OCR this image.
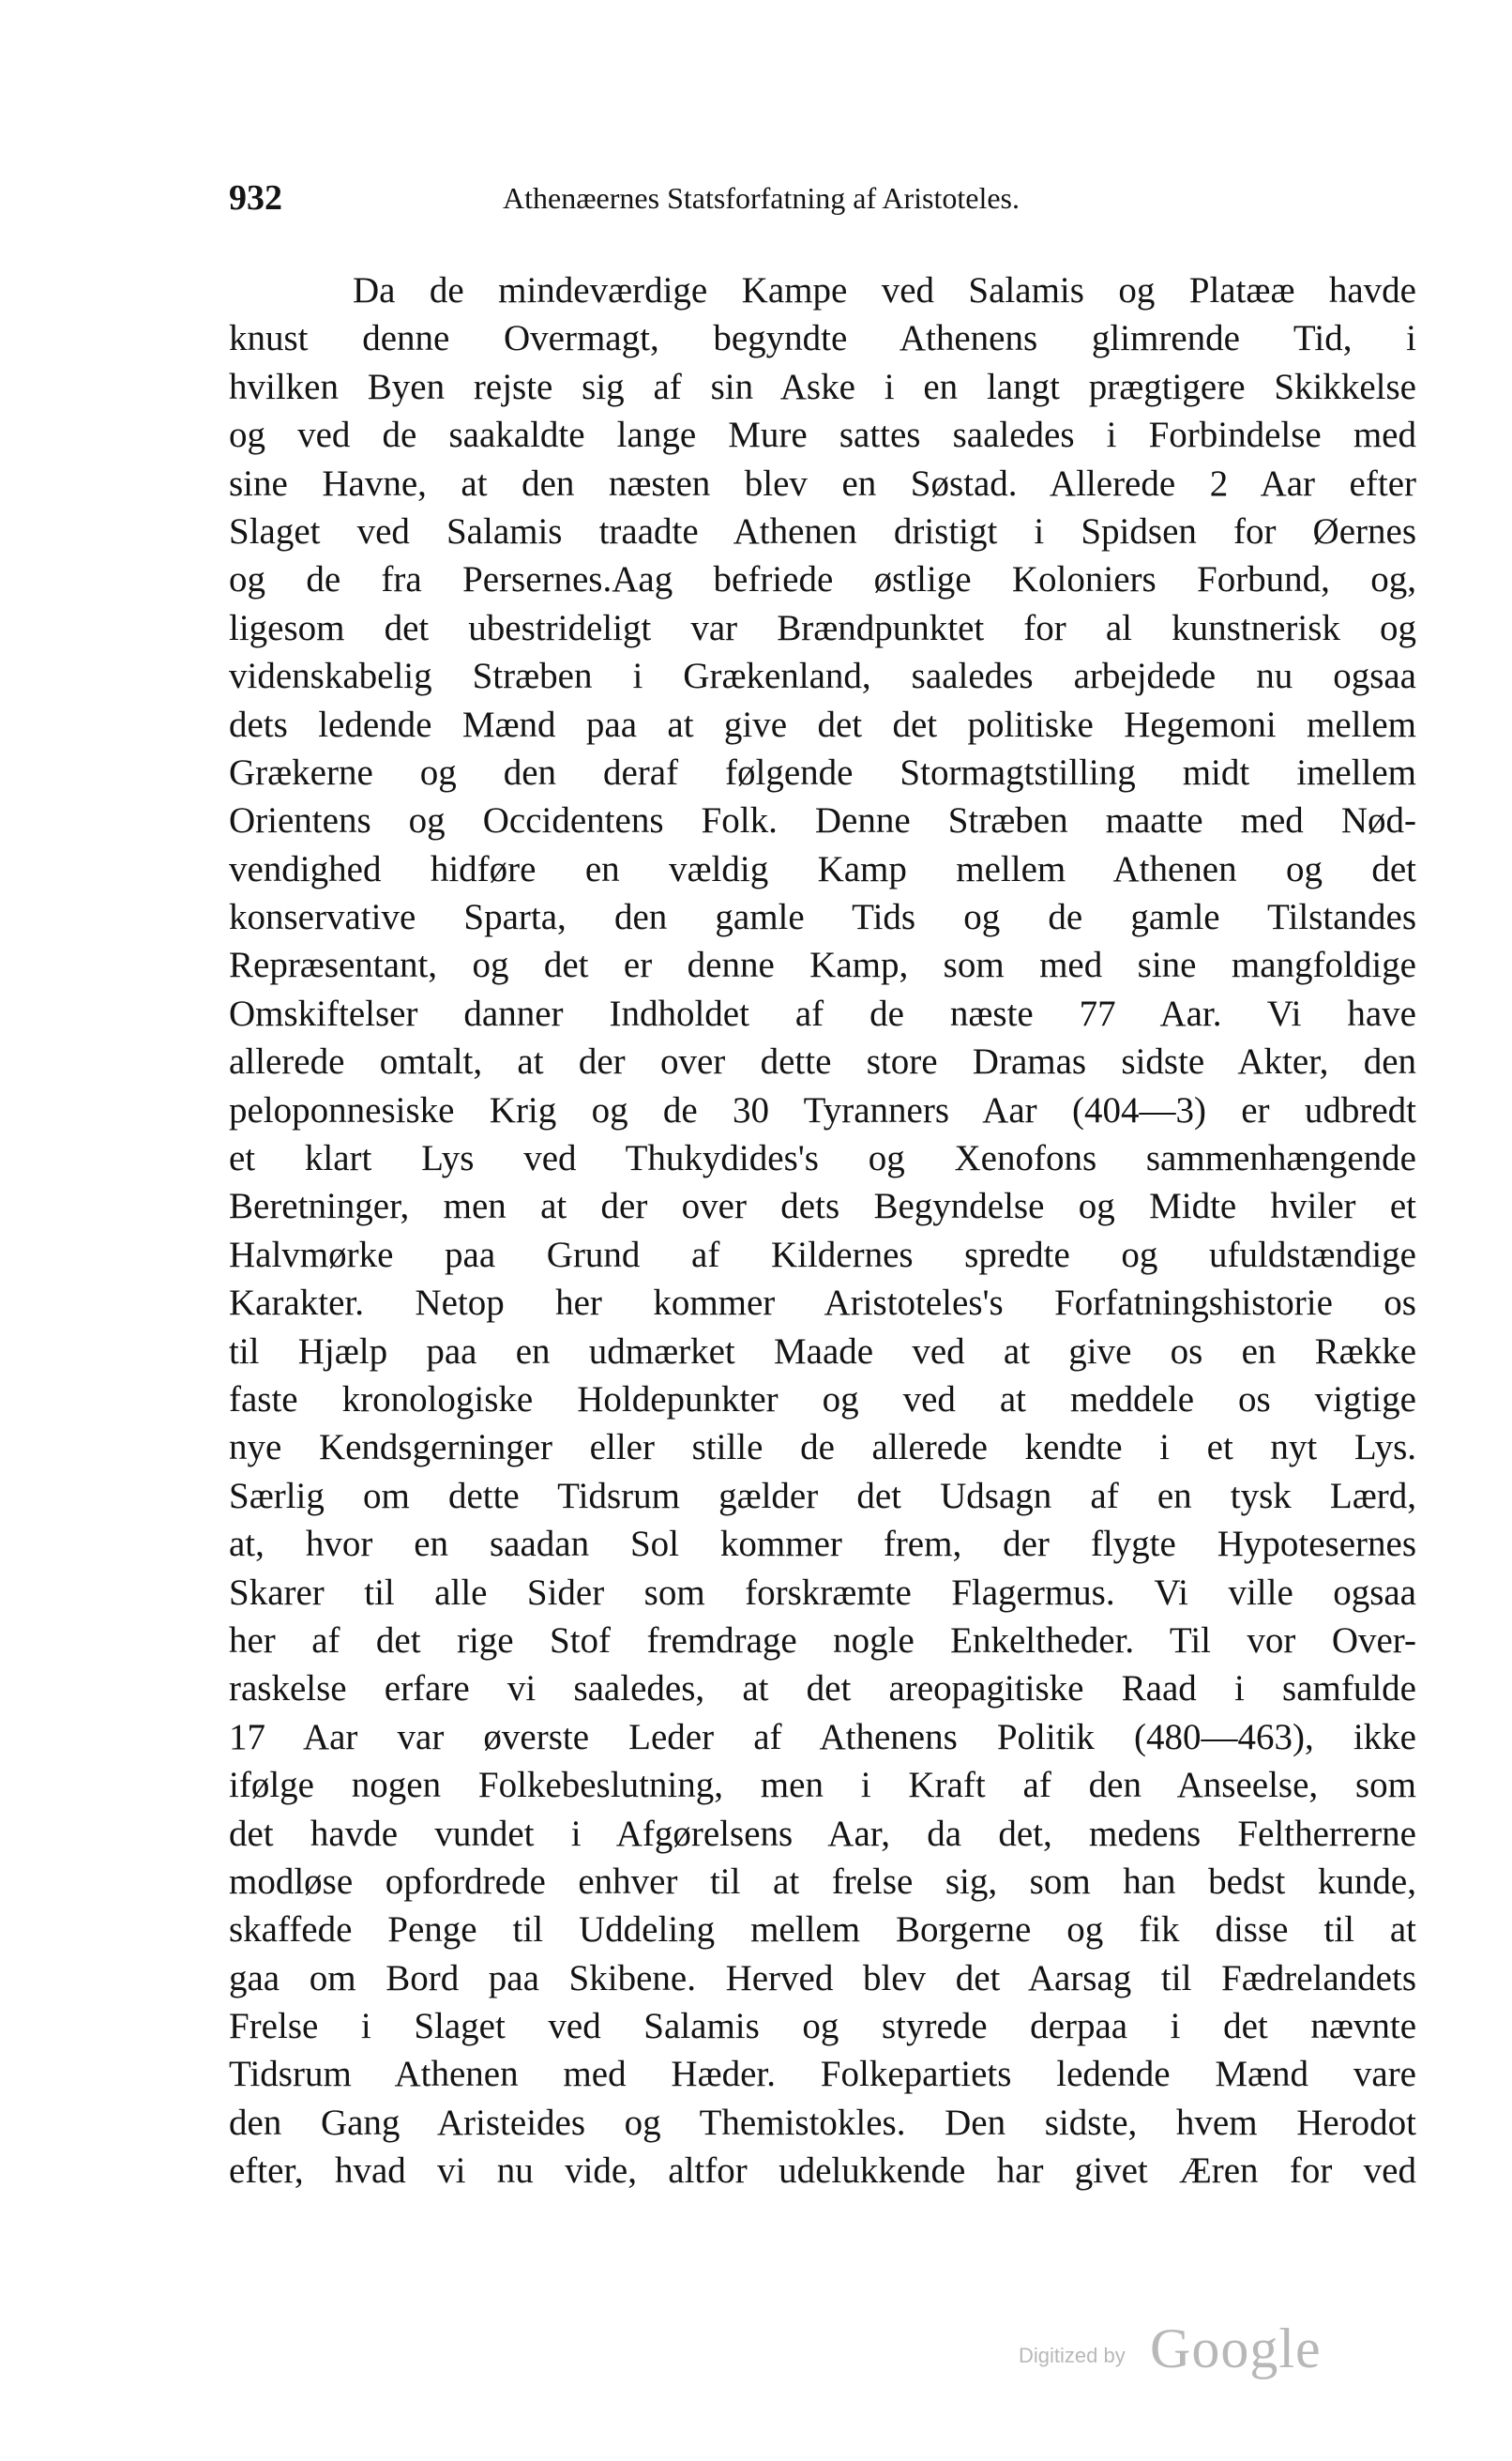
932	Athenæernes Statsforfatning af Aristoteles.
Da de mindeværdige Kampe ved Salamis og Platææ havde
knust denne Overmagt, begyndte Athenens glimrende Tid, i
hvilken Byen rejste sig af sin Aske i en langt prægtigere Skikkelse
og ved de saakaldte lange Mure sattes saaledes i Forbindelse med
sine Havne, at den næsten blev en Søstad. Allerede 2 Aar efter
Slaget ved Salamis traadte Athenen dristigt i Spidsen for Øernes
og de fra Persernes.Aag befriede østlige Koloniers Forbund, og,
ligesom det ubestrideligt var Brændpunktet for al kunstnerisk og
videnskabelig Stræben i Grækenland, saaledes arbejdede nu ogsaa
dets ledende Mænd paa at give det det politiske Hegemoni mellem
Grækerne og den deraf følgende Stormagtstilling midt imellem
Orientens og Occidentens Folk. Denne Stræben maatte med Nød-
vendighed hidføre en vældig Kamp mellem Athenen og det
konservative Sparta, den gamle Tids og de gamle Tilstandes
Repræsentant, og det er denne Kamp, som med sine mangfoldige
Omskiftelser danner Indholdet af de næste 77 Aar. Vi have
allerede omtalt, at der over dette store Dramas sidste Akter, den
peloponnesiske Krig og de 30 Tyranners Aar (404—3) er udbredt
et klart Lys ved Thukydides's og Xenofons sammenhængende
Beretninger, men at der over dets Begyndelse og Midte hviler et
Halvmørke paa Grund af Kildernes spredte og ufuldstændige
Karakter. Netop her kommer Aristoteles's Forfatningshistorie os
til Hjælp paa en udmærket Maade ved at give os en Række
faste kronologiske Holdepunkter og ved at meddele os vigtige
nye Kendsgerninger eller stille de allerede kendte i et nyt Lys.
Særlig om dette Tidsrum gælder det Udsagn af en tysk Lærd,
at, hvor en saadan Sol kommer frem, der flygte Hypotesernes
Skarer til alle Sider som forskræmte Flagermus. Vi ville ogsaa
her af det rige Stof fremdrage nogle Enkeltheder. Til vor Over-
raskelse erfare vi saaledes, at det areopagitiske Raad i samfulde
17 Aar var øverste Leder af Athenens Politik (480—463), ikke
ifølge nogen Folkebeslutning, men i Kraft af den Anseelse, som
det havde vundet i Afgørelsens Aar, da det, medens Feltherrerne
modløse opfordrede enhver til at frelse sig, som han bedst kunde,
skaffede Penge til Uddeling mellem Borgerne og fik disse til at
gaa om Bord paa Skibene. Herved blev det Aarsag til Fædrelandets
Frelse i Slaget ved Salamis og styrede derpaa i det nævnte
Tidsrum Athenen med Hæder. Folkepartiets ledende Mænd vare
den Gang Aristeides og Themistokles. Den sidste, hvem Herodot
efter, hvad vi nu vide, altfor udelukkende har givet Æren for ved
Digitized by Google
